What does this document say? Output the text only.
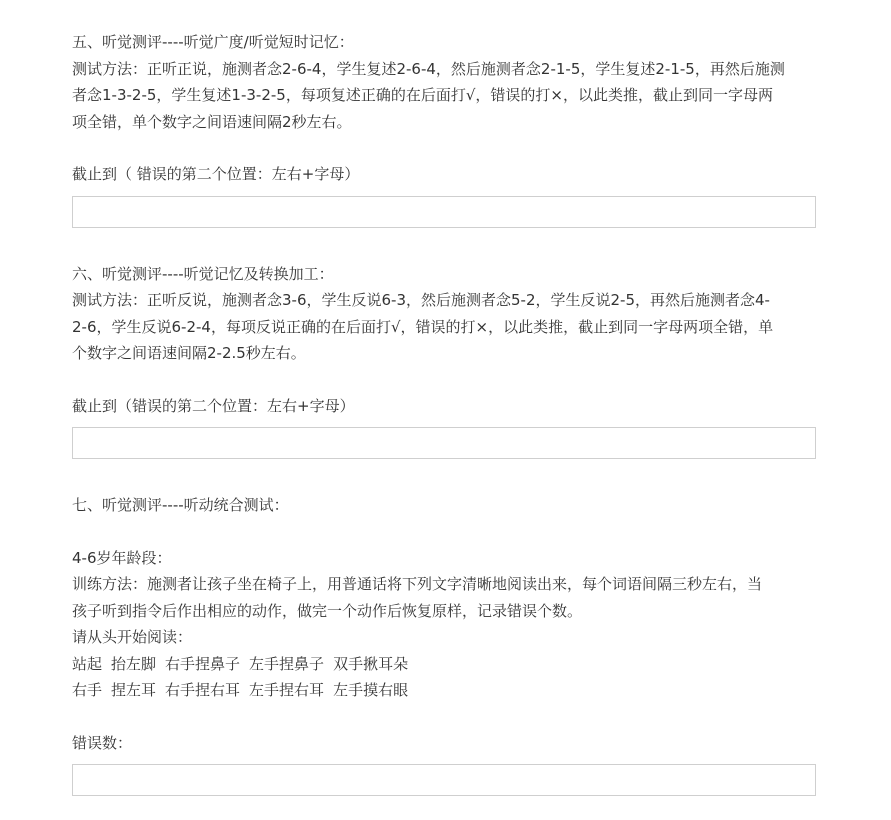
五、听觉测评----听觉广度/听觉短时记忆：
测试方法：正听正说，施测者念2-6-4，学生复述2-6-4，然后施测者念2-1-5，学生复述2-1-5，再然后施测
者念1-3-2-5，学生复述1-3-2-5，每项复述正确的在后面打√，错误的打×，以此类推，截止到同一字母两
项全错，单个数字之间语速间隔2秒左右。
截止到（ 错误的第二个位置：左右+字母）
六、听觉测评----听觉记忆及转换加工：
测试方法：正听反说，施测者念3-6，学生反说6-3，然后施测者念5-2，学生反说2-5，再然后施测者念4-
2-6，学生反说6-2-4，每项反说正确的在后面打√，错误的打×，以此类推，截止到同一字母两项全错，单
个数字之间语速间隔2-2.5秒左右。
截止到（错误的第二个位置：左右+字母）
七、听觉测评----听动统合测试：
4-6岁年龄段：
训练方法：施测者让孩子坐在椅子上，用普通话将下列文字清晰地阅读出来，每个词语间隔三秒左右，当
孩子听到指令后作出相应的动作，做完一个动作后恢复原样，记录错误个数。
请从头开始阅读：
站起 抬左脚 右手捏鼻子 左手捏鼻子 双手揪耳朵
右手 捏左耳 右手捏右耳 左手捏右耳 左手摸右眼
错误数：
